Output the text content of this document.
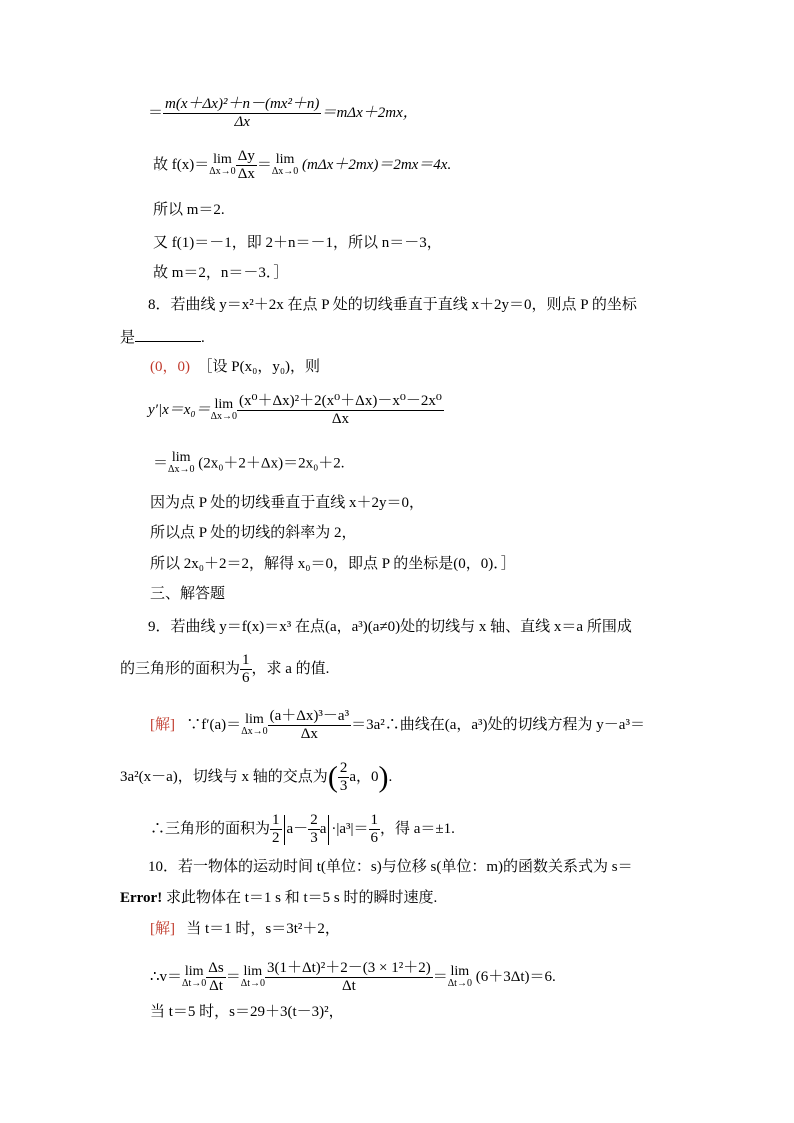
＝ $\frac{\text{m(x＋Δx)²＋n－(mx²＋n)}}{\Delta x} =m\Delta x+2mx$，
故 f(x)＝ lim
$\Delta x\to 0 \frac{\Delta y}{\Delta x} = \lim$
Δx→0 (mΔx＋2mx)＝2mx＝4x.
所以 m＝2.
又 f(1)＝－1，即 2＋n＝－1，所以 n＝－3，
故 m＝2，n＝－3．］
8．若曲线 y＝x²＋2x 在点 P 处的切线垂直于直线 x＋2y＝0，则点 P 的坐标
是	.
(0，0) ［设 P(x₀，y₀)，则
y′|x＝x₀＝ lim
$\Delta x\to 0 \frac{\text{(x⁰＋Δx)²＋2(x⁰＋Δx)－x⁰－2x⁰}}{\Delta x}$
＝ lim
Δx→0 (2x₀＋2＋Δx)＝2x₀＋2.
因为点 P 处的切线垂直于直线 x＋2y＝0，
所以点 P 处的切线的斜率为 2，
所以 2x₀＋2＝2，解得 x₀＝0，即点 P 的坐标是(0，0)．］
三、解答题
9．若曲线 y＝f(x)＝x³ 在点(a，a³)(a≠0)处的切线与 x 轴、直线 x＝a 所围成
的三角形的面积为 $\frac{1}{6}$ ，求 a 的值.
[解] ∵f′(a)＝ lim
$\Delta x\to 0 \frac{\text{(a＋Δx)³－a³}}{\Delta x}$ ＝3a²∴曲线在(a，a³)处的切线方程为 y－a³＝
3a²(x－a)，切线与 x 轴的交点为( $\frac{2}{3}$ a，0).
∴三角形的面积为 $\frac{1}{2} a- \frac{2}{3}$ $a \cdot|a^3|= \frac{1}{6}$ ，得 a＝±1.
10．若一物体的运动时间 t(单位：s)与位移 s(单位：m)的函数关系式为 s＝
Error! 求此物体在 t＝1 s 和 t＝5 s 时的瞬时速度.
[解] 当 t＝1 时，s＝3t²＋2，
∴v＝ lim
$\Delta t\to 0 \frac{\Delta s}{\Delta t} = \lim$
$\Delta t\to 0 \frac{\text{3(1＋Δt)²＋2－(3 × 1²＋2)}}{\Delta t} = \lim$
Δt→0 (6＋3Δt)＝6.
当 t＝5 时，s＝29＋3(t－3)²，
